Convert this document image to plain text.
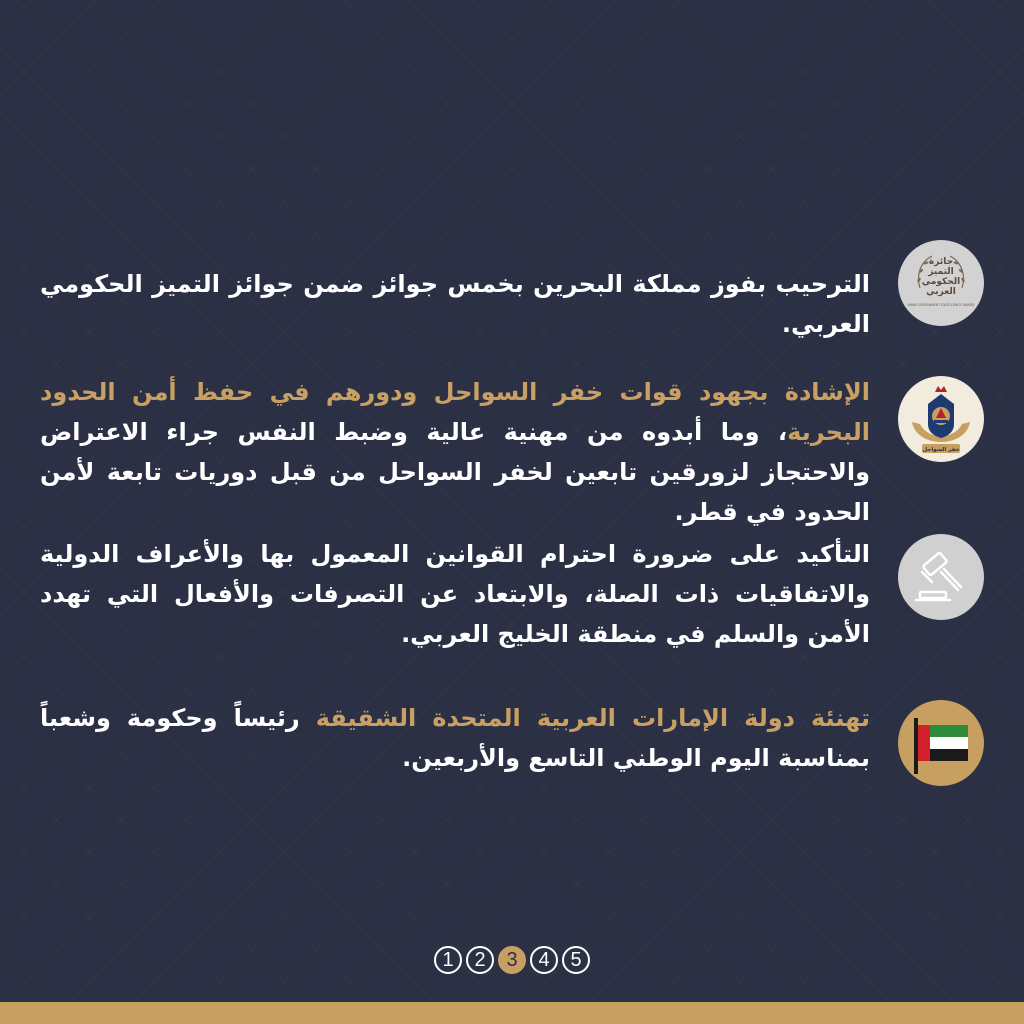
جائزة
التميز
الحكومي
العربي
ARAB GOVERNMENT EXCELLENCE AWARD

الترحيب بفوز مملكة البحرين بخمس جوائز ضمن جوائز التميز الحكومي العربي.

خفر السواحل

الإشادة بجهود قوات خفر السواحل ودورهم في حفظ أمن الحدود البحرية، وما أبدوه من مهنية عالية وضبط النفس جراء الاعتراض والاحتجاز لزورقين تابعين لخفر السواحل من قبل دوريات تابعة لأمن الحدود في قطر.

التأكيد على ضرورة احترام القوانين المعمول بها والأعراف الدولية والاتفاقيات ذات الصلة، والابتعاد عن التصرفات والأفعال التي تهدد الأمن والسلم في منطقة الخليج العربي.

تهنئة دولة الإمارات العربية المتحدة الشقيقة رئيساً وحكومة وشعباً بمناسبة اليوم الوطني التاسع والأربعين.

1	2	3	4	5
